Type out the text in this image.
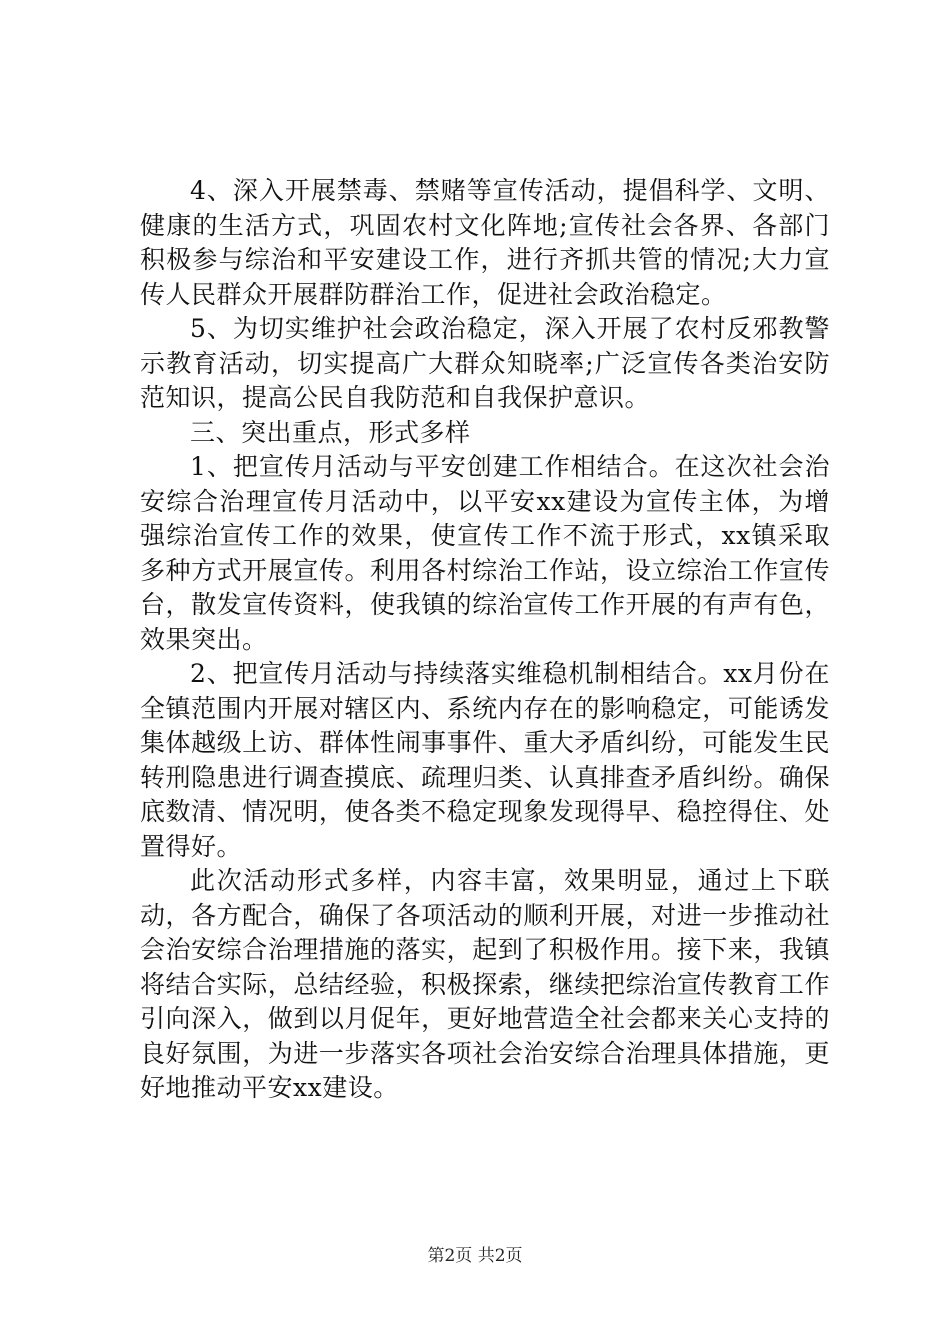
4、深入开展禁毒、禁赌等宣传活动，提倡科学、文明、健康的生活方式，巩固农村文化阵地;宣传社会各界、各部门积极参与综治和平安建设工作，进行齐抓共管的情况;大力宣传人民群众开展群防群治工作，促进社会政治稳定。

5、为切实维护社会政治稳定，深入开展了农村反邪教警示教育活动，切实提高广大群众知晓率;广泛宣传各类治安防范知识，提高公民自我防范和自我保护意识。

三、突出重点，形式多样

1、把宣传月活动与平安创建工作相结合。在这次社会治安综合治理宣传月活动中，以平安xx建设为宣传主体，为增强综治宣传工作的效果，使宣传工作不流于形式，xx镇采取多种方式开展宣传。利用各村综治工作站，设立综治工作宣传台，散发宣传资料，使我镇的综治宣传工作开展的有声有色，效果突出。

2、把宣传月活动与持续落实维稳机制相结合。xx月份在全镇范围内开展对辖区内、系统内存在的影响稳定，可能诱发集体越级上访、群体性闹事事件、重大矛盾纠纷，可能发生民转刑隐患进行调查摸底、疏理归类、认真排查矛盾纠纷。确保底数清、情况明，使各类不稳定现象发现得早、稳控得住、处置得好。

此次活动形式多样，内容丰富，效果明显，通过上下联动，各方配合，确保了各项活动的顺利开展，对进一步推动社会治安综合治理措施的落实，起到了积极作用。接下来，我镇将结合实际，总结经验，积极探索，继续把综治宣传教育工作引向深入，做到以月促年，更好地营造全社会都来关心支持的良好氛围，为进一步落实各项社会治安综合治理具体措施，更好地推动平安xx建设。

第2页 共2页
